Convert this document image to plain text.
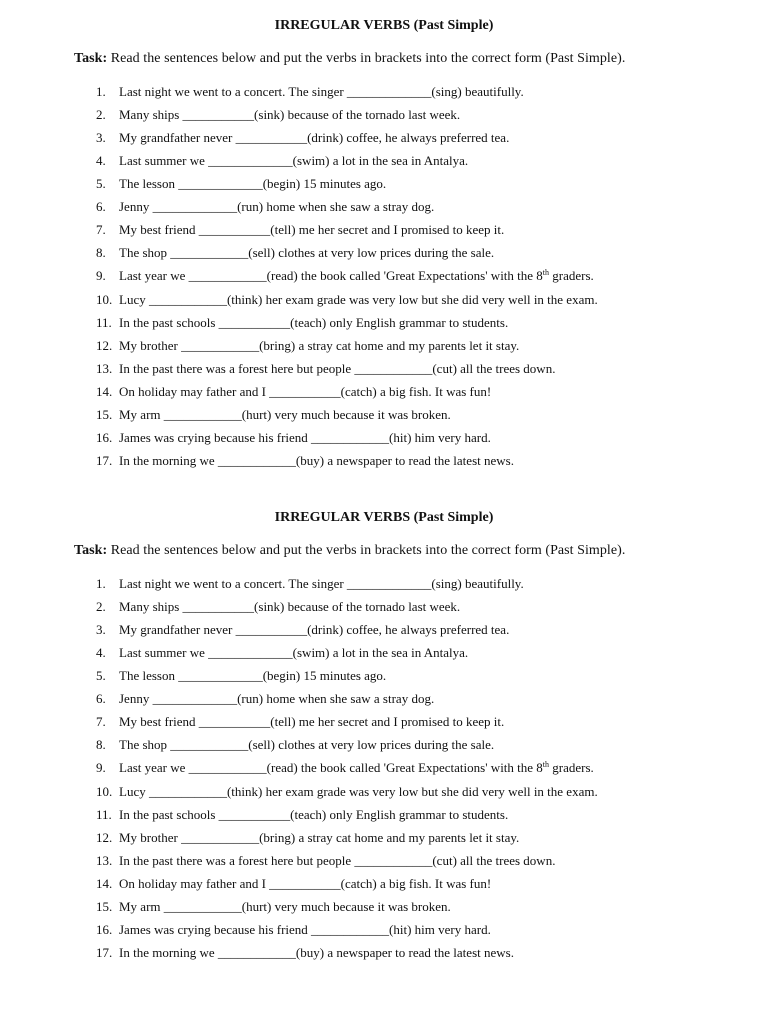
IRREGULAR VERBS (Past Simple)
Task: Read the sentences below and put the verbs in brackets into the correct form (Past Simple).
1.	Last night we went to a concert. The singer _____________(sing) beautifully.
2.	Many ships ___________(sink) because of the tornado last week.
3.	My grandfather never ___________(drink) coffee, he always preferred tea.
4.	Last summer we _____________(swim) a lot in the sea in Antalya.
5.	The lesson _____________(begin) 15 minutes ago.
6.	Jenny _____________(run) home when she saw a stray dog.
7.	My best friend ___________(tell) me her secret and I promised to keep it.
8.	The shop ____________(sell) clothes at very low prices during the sale.
9.	Last year we ____________(read) the book called 'Great Expectations' with the 8th graders.
10. Lucy ____________(think) her exam grade was very low but she did very well in the exam.
11. In the past schools ___________(teach) only English grammar to students.
12. My brother ____________(bring) a stray cat home and my parents let it stay.
13. In the past there was a forest here but people ____________(cut) all the trees down.
14. On holiday may father and I ___________(catch) a big fish. It was fun!
15. My arm ____________(hurt) very much because it was broken.
16. James was crying because his friend ____________(hit) him very hard.
17. In the morning we ____________(buy) a newspaper to read the latest news.
IRREGULAR VERBS (Past Simple)
Task: Read the sentences below and put the verbs in brackets into the correct form (Past Simple).
1.	Last night we went to a concert. The singer _____________(sing) beautifully.
2.	Many ships ___________(sink) because of the tornado last week.
3.	My grandfather never ___________(drink) coffee, he always preferred tea.
4.	Last summer we _____________(swim) a lot in the sea in Antalya.
5.	The lesson _____________(begin) 15 minutes ago.
6.	Jenny _____________(run) home when she saw a stray dog.
7.	My best friend ___________(tell) me her secret and I promised to keep it.
8.	The shop ____________(sell) clothes at very low prices during the sale.
9.	Last year we ____________(read) the book called 'Great Expectations' with the 8th graders.
10. Lucy ____________(think) her exam grade was very low but she did very well in the exam.
11. In the past schools ___________(teach) only English grammar to students.
12. My brother ____________(bring) a stray cat home and my parents let it stay.
13. In the past there was a forest here but people ____________(cut) all the trees down.
14. On holiday may father and I ___________(catch) a big fish. It was fun!
15. My arm ____________(hurt) very much because it was broken.
16. James was crying because his friend ____________(hit) him very hard.
17. In the morning we ____________(buy) a newspaper to read the latest news.
